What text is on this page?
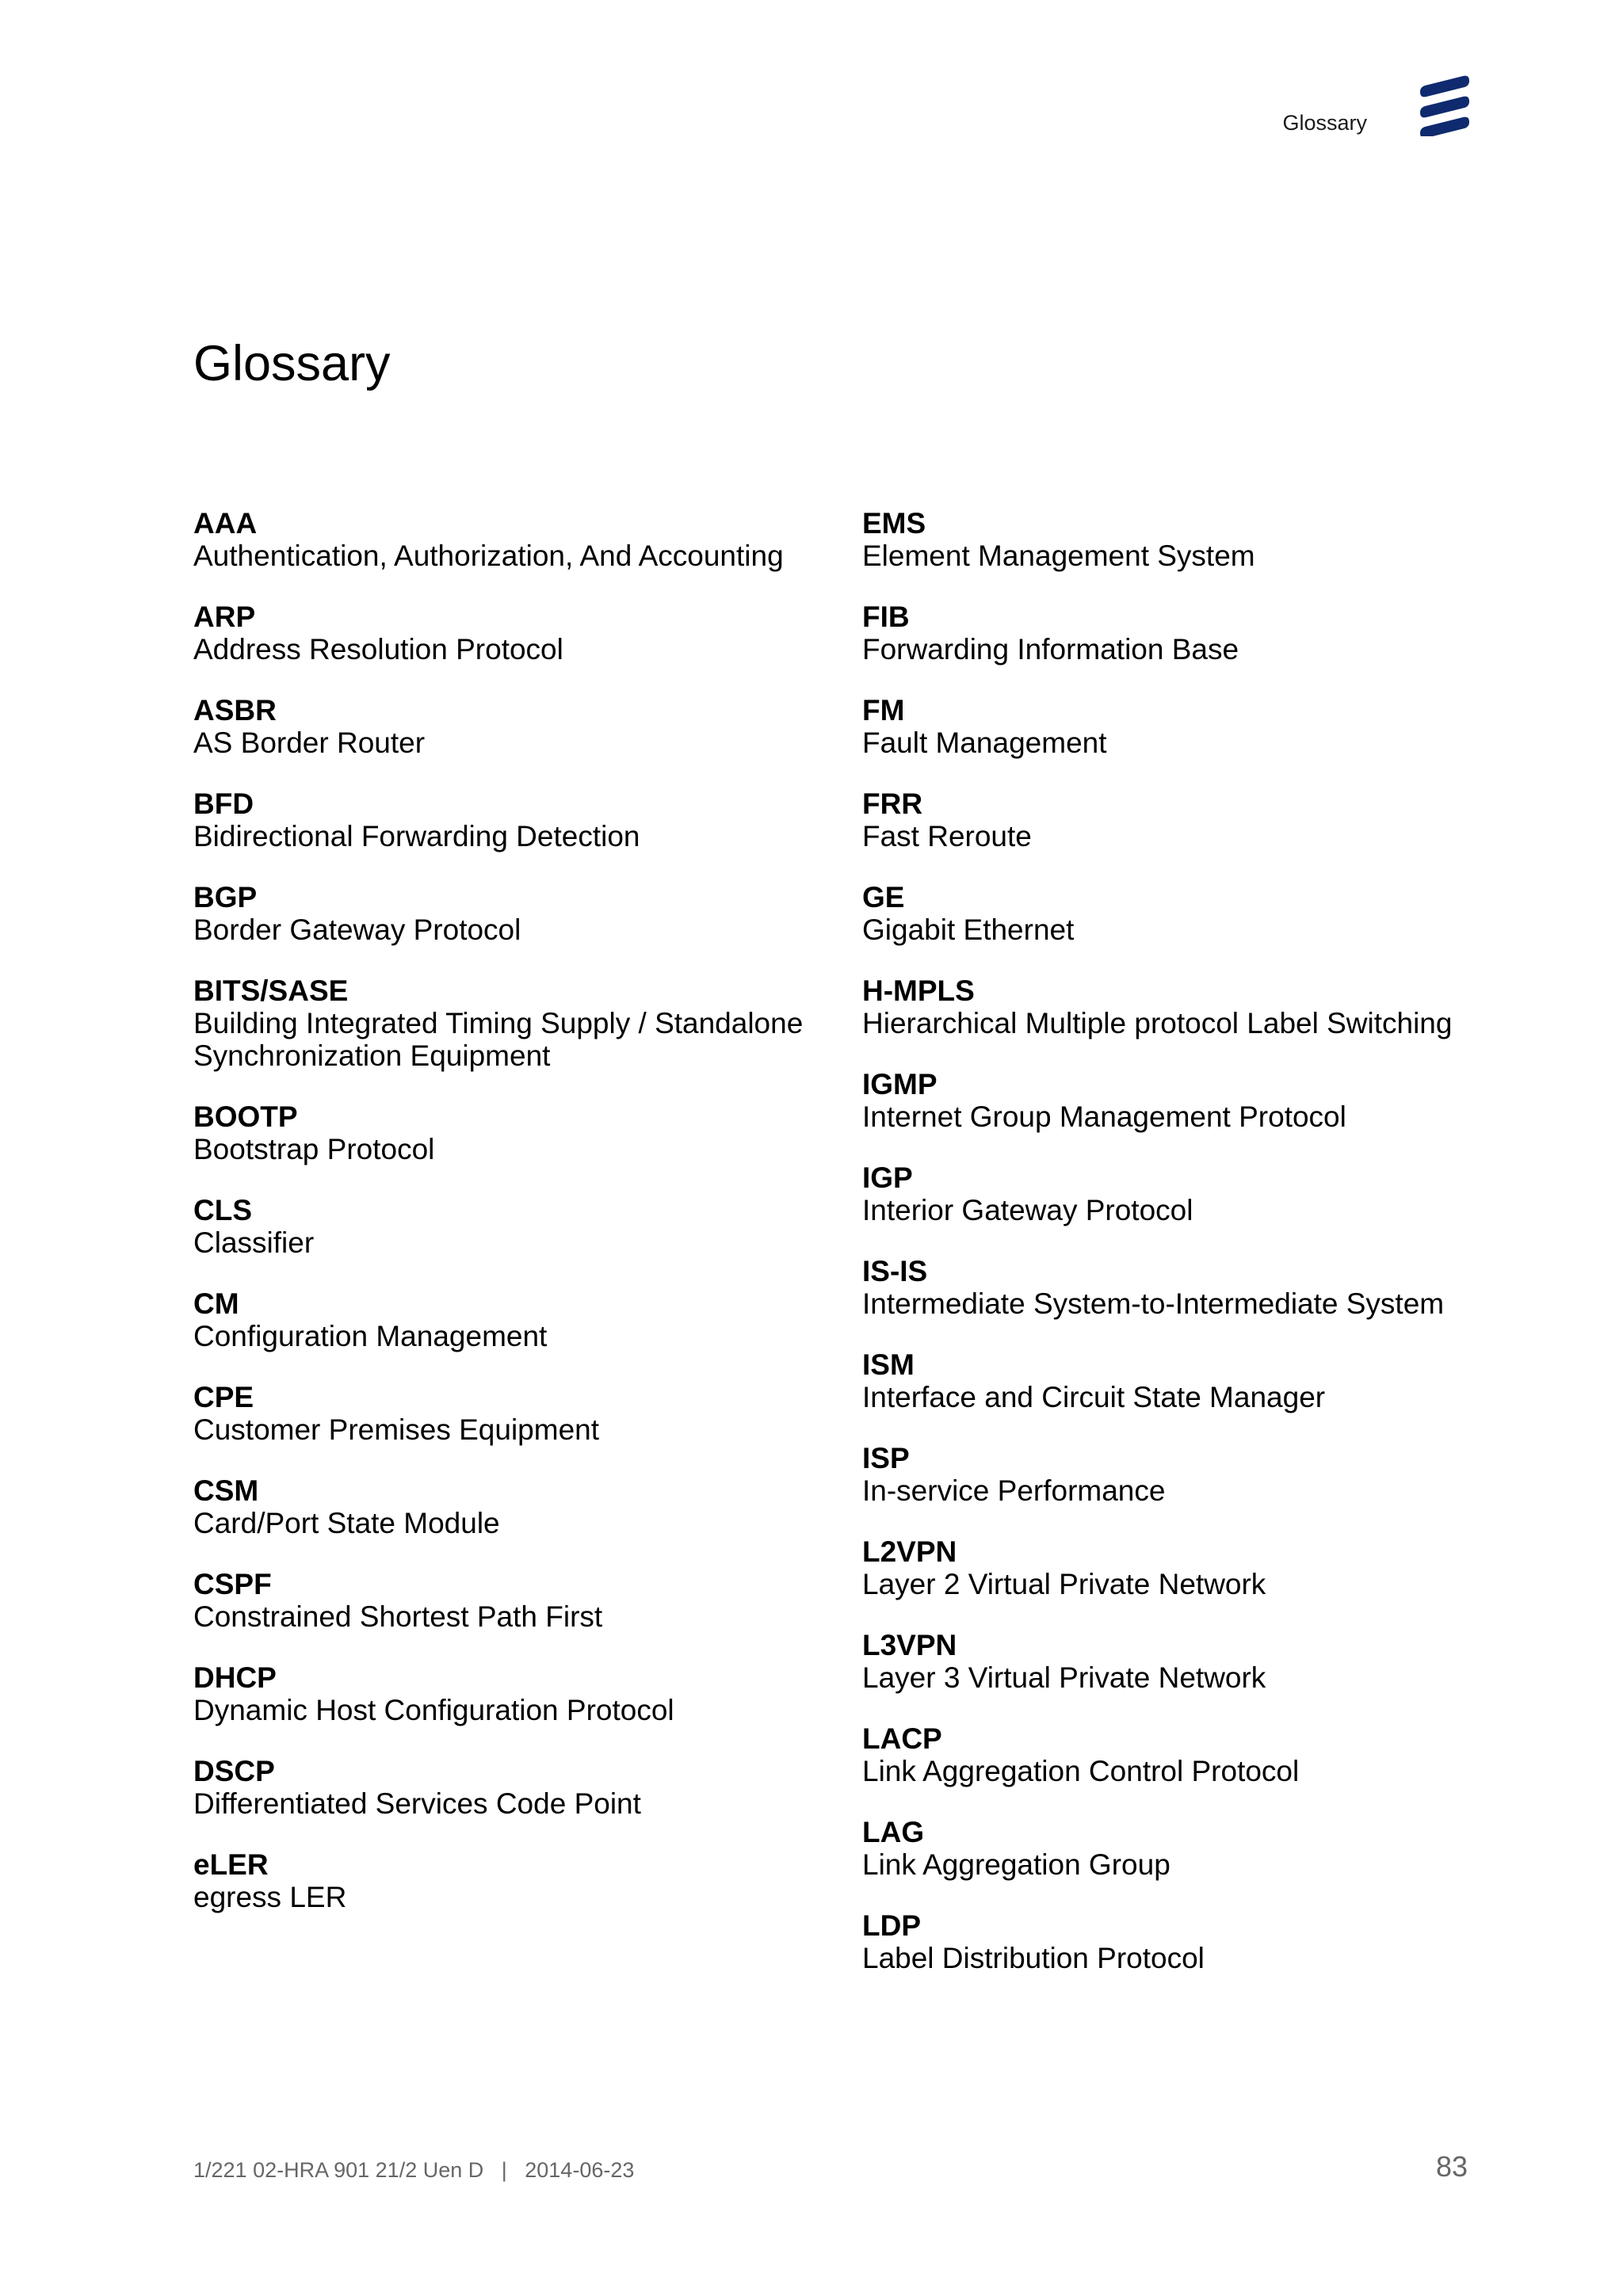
Glossary
Glossary
AAA
Authentication, Authorization, And Accounting
ARP
Address Resolution Protocol
ASBR
AS Border Router
BFD
Bidirectional Forwarding Detection
BGP
Border Gateway Protocol
BITS/SASE
Building Integrated Timing Supply / Standalone Synchronization Equipment
BOOTP
Bootstrap Protocol
CLS
Classifier
CM
Configuration Management
CPE
Customer Premises Equipment
CSM
Card/Port State Module
CSPF
Constrained Shortest Path First
DHCP
Dynamic Host Configuration Protocol
DSCP
Differentiated Services Code Point
eLER
egress LER
EMS
Element Management System
FIB
Forwarding Information Base
FM
Fault Management
FRR
Fast Reroute
GE
Gigabit Ethernet
H-MPLS
Hierarchical Multiple protocol Label Switching
IGMP
Internet Group Management Protocol
IGP
Interior Gateway Protocol
IS-IS
Intermediate System-to-Intermediate System
ISM
Interface and Circuit State Manager
ISP
In-service Performance
L2VPN
Layer 2 Virtual Private Network
L3VPN
Layer 3 Virtual Private Network
LACP
Link Aggregation Control Protocol
LAG
Link Aggregation Group
LDP
Label Distribution Protocol
1/221 02-HRA 901 21/2 Uen D   |   2014-06-23	83
